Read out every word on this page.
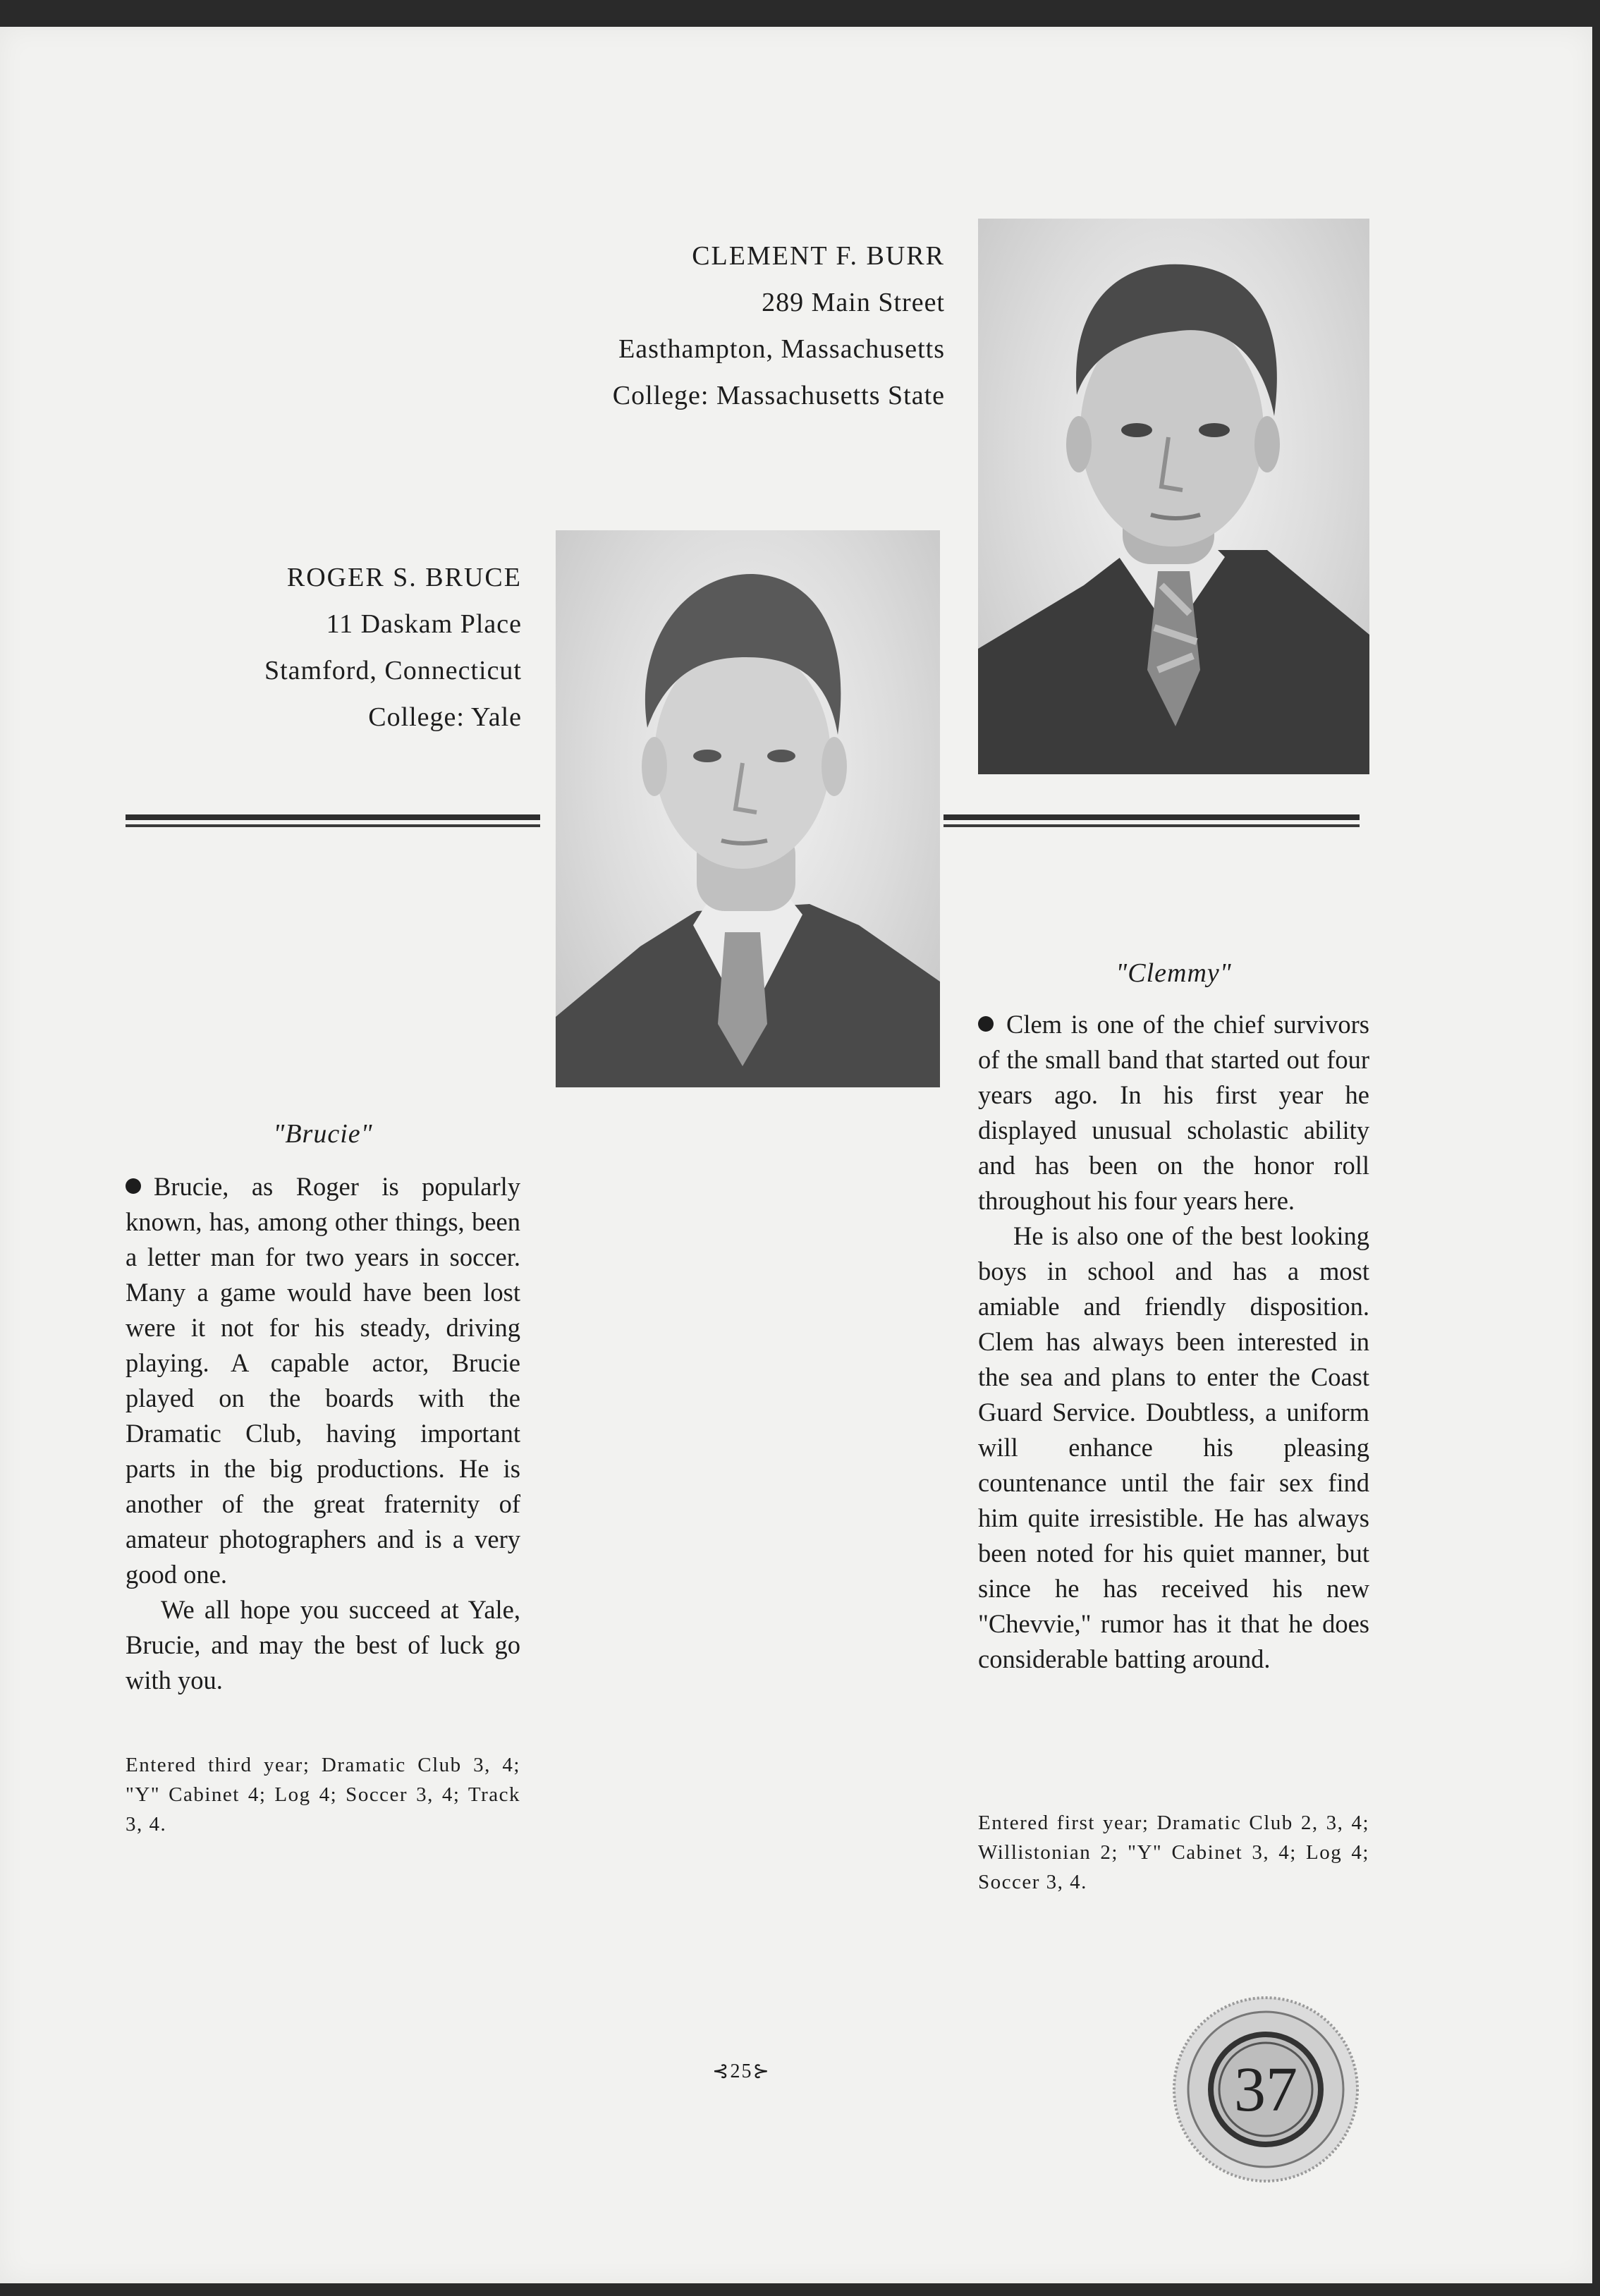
CLEMENT F. BURR
289 Main Street
Easthampton, Massachusetts
College: Massachusetts State
ROGER S. BRUCE
11 Daskam Place
Stamford, Connecticut
College: Yale
"Clemmy"

Clem is one of the chief survivors of the small band that started out four years ago. In his first year he displayed unusual scholastic ability and has been on the honor roll throughout his four years here.

He is also one of the best looking boys in school and has a most amiable and friendly disposition. Clem has always been interested in the sea and plans to enter the Coast Guard Service. Doubtless, a uniform will enhance his pleasing countenance until the fair sex find him quite irresistible. He has always been noted for his quiet manner, but since he has received his new "Chevvie," rumor has it that he does considerable batting around.

Entered first year; Dramatic Club 2, 3, 4; Willistonian 2; "Y" Cabinet 3, 4; Log 4; Soccer 3, 4.
"Brucie"

Brucie, as Roger is popularly known, has, among other things, been a letter man for two years in soccer. Many a game would have been lost were it not for his steady, driving playing. A capable actor, Brucie played on the boards with the Dramatic Club, having important parts in the big productions. He is another of the great fraternity of amateur photographers and is a very good one.

We all hope you succeed at Yale, Brucie, and may the best of luck go with you.

Entered third year; Dramatic Club 3, 4; "Y" Cabinet 4; Log 4; Soccer 3, 4; Track 3, 4.
⊰25⊱	37
